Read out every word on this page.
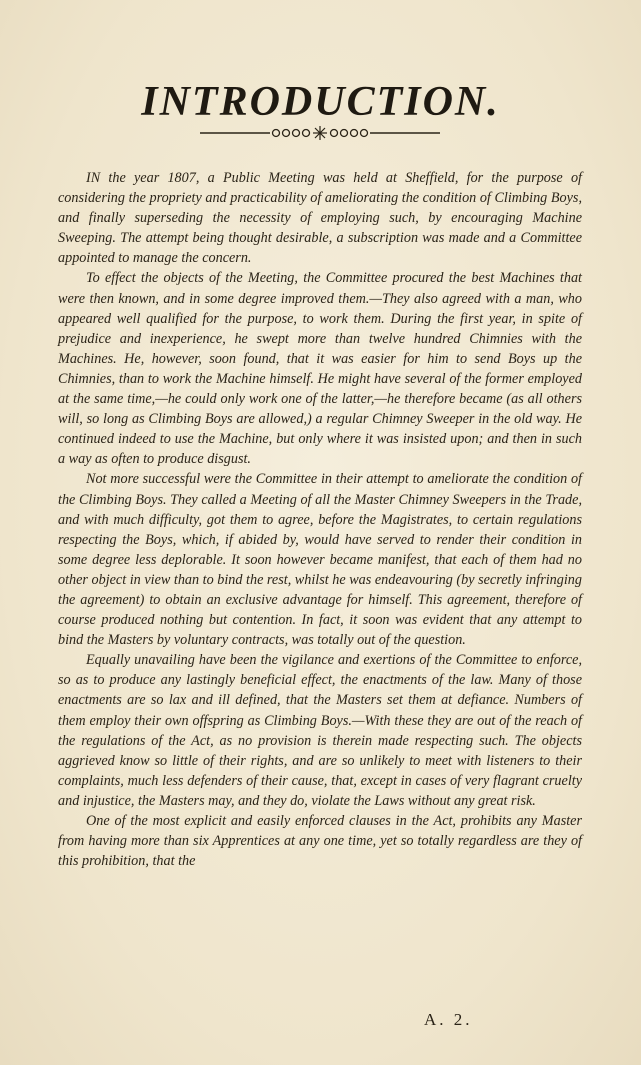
INTRODUCTION.

IN the year 1807, a Public Meeting was held at Sheffield, for the purpose of considering the propriety and practicability of ameliorating the condition of Climbing Boys, and finally superseding the necessity of employing such, by encouraging Machine Sweeping. The attempt being thought desirable, a subscription was made and a Committee appointed to manage the concern.

To effect the objects of the Meeting, the Committee procured the best Machines that were then known, and in some degree improved them.—They also agreed with a man, who appeared well qualified for the purpose, to work them. During the first year, in spite of prejudice and inexperience, he swept more than twelve hundred Chimnies with the Machines. He, however, soon found, that it was easier for him to send Boys up the Chimnies, than to work the Machine himself. He might have several of the former employed at the same time,—he could only work one of the latter,—he therefore became (as all others will, so long as Climbing Boys are allowed,) a regular Chimney Sweeper in the old way. He continued indeed to use the Machine, but only where it was insisted upon; and then in such a way as often to produce disgust.

Not more successful were the Committee in their attempt to ameliorate the condition of the Climbing Boys. They called a Meeting of all the Master Chimney Sweepers in the Trade, and with much difficulty, got them to agree, before the Magistrates, to certain regulations respecting the Boys, which, if abided by, would have served to render their condition in some degree less deplorable. It soon however became manifest, that each of them had no other object in view than to bind the rest, whilst he was endeavouring (by secretly infringing the agreement) to obtain an exclusive advantage for himself. This agreement, therefore of course produced nothing but contention. In fact, it soon was evident that any attempt to bind the Masters by voluntary contracts, was totally out of the question.

Equally unavailing have been the vigilance and exertions of the Committee to enforce, so as to produce any lastingly beneficial effect, the enactments of the law. Many of those enactments are so lax and ill defined, that the Masters set them at defiance. Numbers of them employ their own offspring as Climbing Boys.—With these they are out of the reach of the regulations of the Act, as no provision is therein made respecting such. The objects aggrieved know so little of their rights, and are so unlikely to meet with listeners to their complaints, much less defenders of their cause, that, except in cases of very flagrant cruelty and injustice, the Masters may, and they do, violate the Laws without any great risk.

One of the most explicit and easily enforced clauses in the Act, prohibits any Master from having more than six Apprentices at any one time, yet so totally regardless are they of this prohibition, that the

A. 2.
